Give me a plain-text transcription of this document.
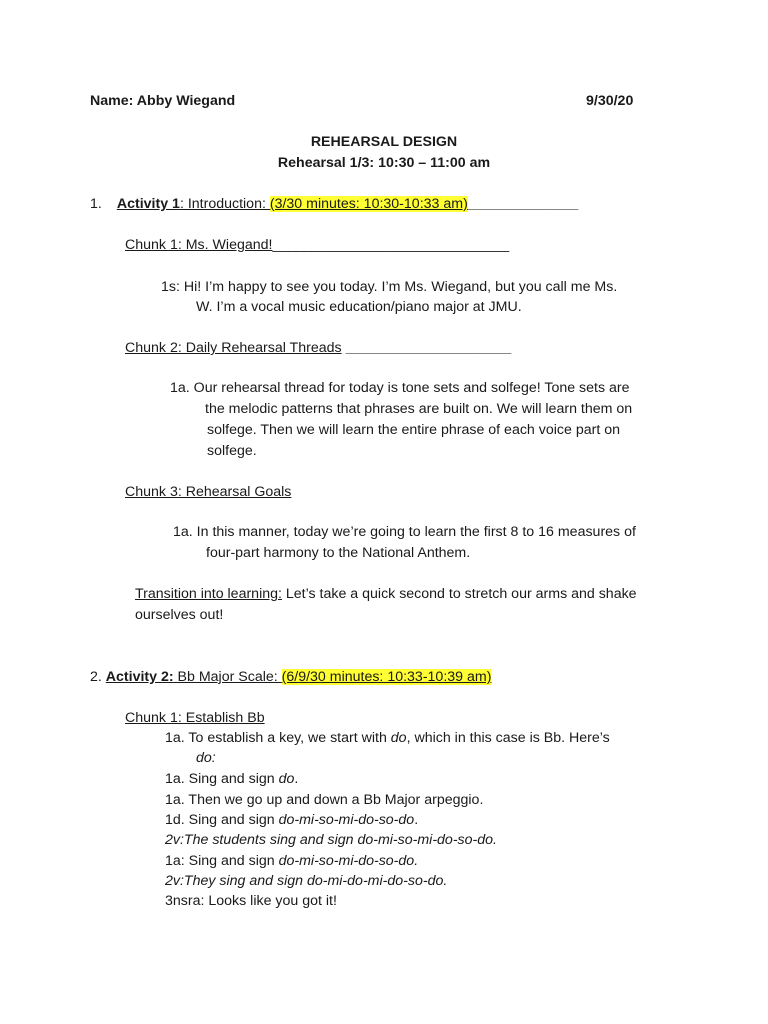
Name: Abby Wiegand	9/30/20
REHEARSAL DESIGN
Rehearsal 1/3: 10:30 – 11:00 am
1. Activity 1: Introduction: (3/30 minutes: 10:30-10:33 am)______________
Chunk 1: Ms. Wiegand!______________________________
1s: Hi! I’m happy to see you today. I’m Ms. Wiegand, but you call me Ms.
W. I’m a vocal music education/piano major at JMU.
Chunk 2: Daily Rehearsal Threads _____________________
1a. Our rehearsal thread for today is tone sets and solfege! Tone sets are
the melodic patterns that phrases are built on. We will learn them on
solfege. Then we will learn the entire phrase of each voice part on
solfege.
Chunk 3: Rehearsal Goals
1a. In this manner, today we’re going to learn the first 8 to 16 measures of
four-part harmony to the National Anthem.
Transition into learning: Let’s take a quick second to stretch our arms and shake
ourselves out!
2. Activity 2: Bb Major Scale: (6/9/30 minutes: 10:33-10:39 am)
Chunk 1: Establish Bb
1a. To establish a key, we start with do, which in this case is Bb. Here’s
do:
1a. Sing and sign do.
1a. Then we go up and down a Bb Major arpeggio.
1d. Sing and sign do-mi-so-mi-do-so-do.
2v:The students sing and sign do-mi-so-mi-do-so-do.
1a: Sing and sign do-mi-so-mi-do-so-do.
2v:They sing and sign do-mi-do-mi-do-so-do.
3nsra: Looks like you got it!
